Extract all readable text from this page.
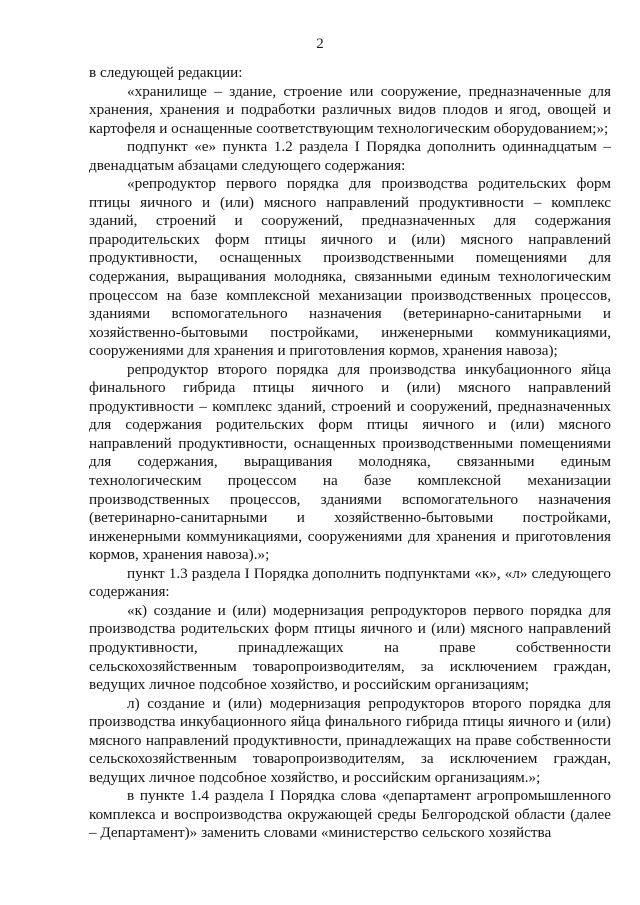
2

в следующей редакции:

«хранилище – здание, строение или сооружение, предназначенные для хранения, хранения и подработки различных видов плодов и ягод, овощей и картофеля и оснащенные соответствующим технологическим оборудованием;»;

подпункт «е» пункта 1.2 раздела I Порядка дополнить одиннадцатым – двенадцатым абзацами следующего содержания:

«репродуктор первого порядка для производства родительских форм птицы яичного и (или) мясного направлений продуктивности – комплекс зданий, строений и сооружений, предназначенных для содержания прародительских форм птицы яичного и (или) мясного направлений продуктивности, оснащенных производственными помещениями для содержания, выращивания молодняка, связанными единым технологическим процессом на базе комплексной механизации производственных процессов, зданиями вспомогательного назначения (ветеринарно-санитарными и хозяйственно-бытовыми постройками, инженерными коммуникациями, сооружениями для хранения и приготовления кормов, хранения навоза);

репродуктор второго порядка для производства инкубационного яйца финального гибрида птицы яичного и (или) мясного направлений продуктивности – комплекс зданий, строений и сооружений, предназначенных для содержания родительских форм птицы яичного и (или) мясного направлений продуктивности, оснащенных производственными помещениями для содержания, выращивания молодняка, связанными единым технологическим процессом на базе комплексной механизации производственных процессов, зданиями вспомогательного назначения (ветеринарно-санитарными и хозяйственно-бытовыми постройками, инженерными коммуникациями, сооружениями для хранения и приготовления кормов, хранения навоза).»;

пункт 1.3 раздела I Порядка дополнить подпунктами «к», «л» следующего содержания:

«к) создание и (или) модернизация репродукторов первого порядка для производства родительских форм птицы яичного и (или) мясного направлений продуктивности, принадлежащих на праве собственности сельскохозяйственным товаропроизводителям, за исключением граждан, ведущих личное подсобное хозяйство, и российским организациям;

л) создание и (или) модернизация репродукторов второго порядка для производства инкубационного яйца финального гибрида птицы яичного и (или) мясного направлений продуктивности, принадлежащих на праве собственности сельскохозяйственным товаропроизводителям, за исключением граждан, ведущих личное подсобное хозяйство, и российским организациям.»;

в пункте 1.4 раздела I Порядка слова «департамент агропромышленного комплекса и воспроизводства окружающей среды Белгородской области (далее – Департамент)» заменить словами «министерство сельского хозяйства
